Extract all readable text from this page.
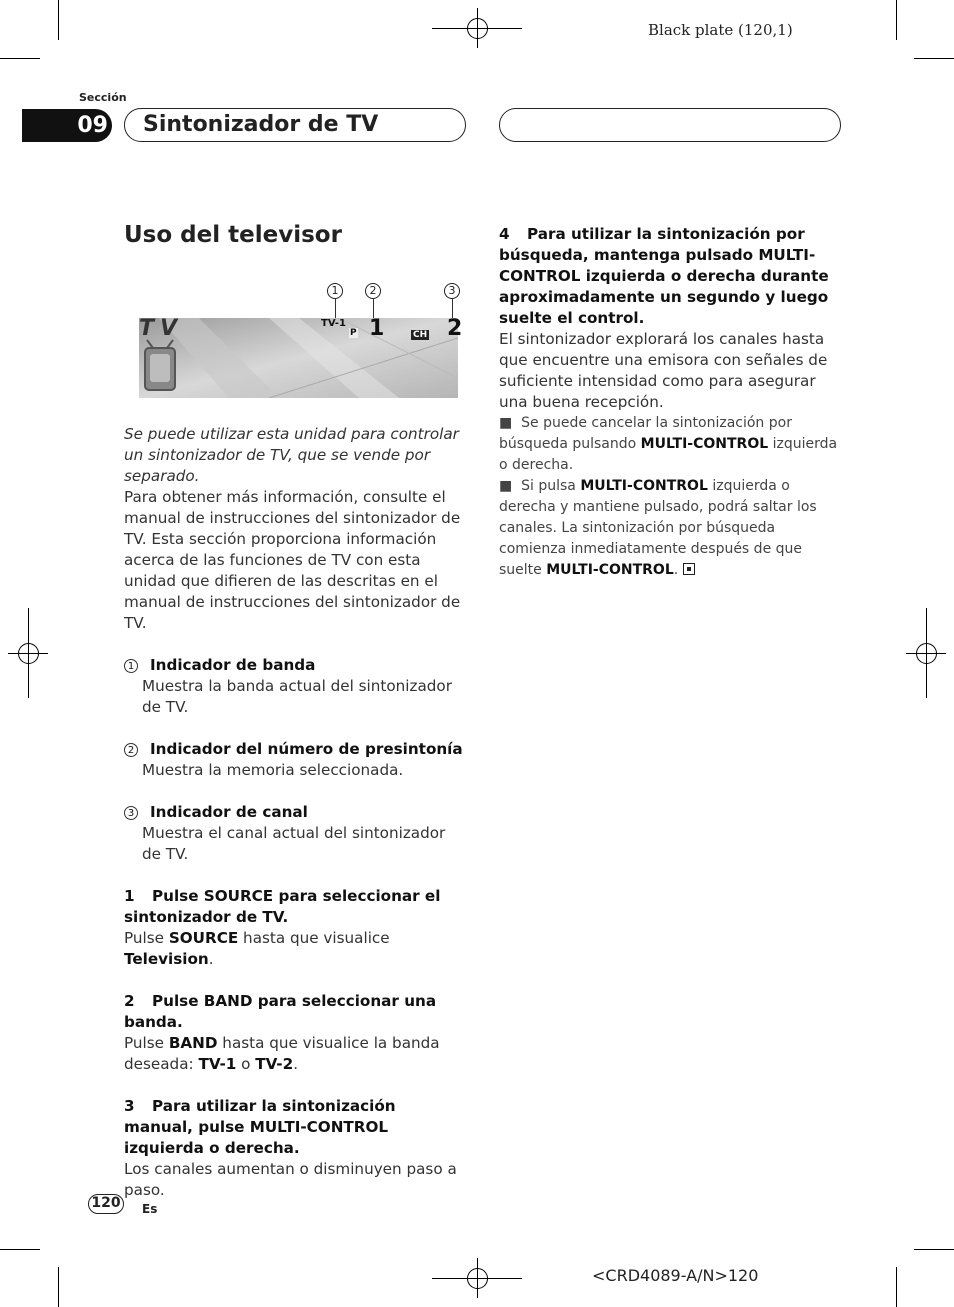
Black plate (120,1)
Sección
09 Sintonizador de TV
Uso del televisor
1	2	3
TV	TV-1
P 1	CH 2

Se puede utilizar esta unidad para controlar un sintonizador de TV, que se vende por separado.

Para obtener más información, consulte el manual de instrucciones del sintonizador de TV. Esta sección proporciona información acerca de las funciones de TV con esta unidad que difieren de las descritas en el manual de instrucciones del sintonizador de TV.

1 Indicador de banda

Muestra la banda actual del sintonizador de TV.

2 Indicador del número de presintonía

Muestra la memoria seleccionada.

3 Indicador de canal

Muestra el canal actual del sintonizador de TV.

1 Pulse SOURCE para seleccionar el sintonizador de TV.

Pulse SOURCE hasta que visualice Television.

2 Pulse BAND para seleccionar una banda.

Pulse BAND hasta que visualice la banda deseada: TV-1 o TV-2.

3 Para utilizar la sintonización manual, pulse MULTI-CONTROL izquierda o derecha.

Los canales aumentan o disminuyen paso a paso.

4 Para utilizar la sintonización por búsqueda, mantenga pulsado MULTI-CONTROL izquierda o derecha durante aproximadamente un segundo y luego suelte el control.

El sintonizador explorará los canales hasta que encuentre una emisora con señales de suficiente intensidad como para asegurar una buena recepción.

■  Se puede cancelar la sintonización por búsqueda pulsando MULTI-CONTROL izquierda o derecha.

■  Si pulsa MULTI-CONTROL izquierda o derecha y mantiene pulsado, podrá saltar los canales. La sintonización por búsqueda comienza inmediatamente después de que suelte MULTI-CONTROL.

120 Es
<CRD4089-A/N>120
